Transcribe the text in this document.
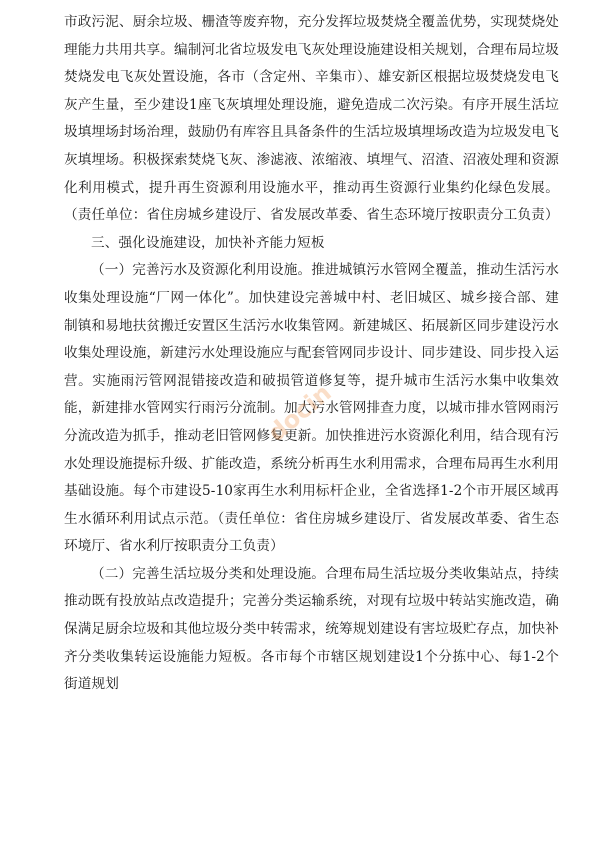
市政污泥、厨余垃圾、栅渣等废弃物，充分发挥垃圾焚烧全覆盖优势，实现焚烧处理能力共用共享。编制河北省垃圾发电飞灰处理设施建设相关规划，合理布局垃圾焚烧发电飞灰处置设施，各市（含定州、辛集市）、雄安新区根据垃圾焚烧发电飞灰产生量，至少建设1座飞灰填埋处理设施，避免造成二次污染。有序开展生活垃圾填埋场封场治理，鼓励仍有库容且具备条件的生活垃圾填埋场改造为垃圾发电飞灰填埋场。积极探索焚烧飞灰、渗滤液、浓缩液、填埋气、沼渣、沼液处理和资源化利用模式，提升再生资源利用设施水平，推动再生资源行业集约化绿色发展。（责任单位：省住房城乡建设厅、省发展改革委、省生态环境厅按职责分工负责）

三、强化设施建设，加快补齐能力短板

（一）完善污水及资源化利用设施。推进城镇污水管网全覆盖，推动生活污水收集处理设施“厂网一体化”。加快建设完善城中村、老旧城区、城乡接合部、建制镇和易地扶贫搬迁安置区生活污水收集管网。新建城区、拓展新区同步建设污水收集处理设施，新建污水处理设施应与配套管网同步设计、同步建设、同步投入运营。实施雨污管网混错接改造和破损管道修复等，提升城市生活污水集中收集效能，新建排水管网实行雨污分流制。加大污水管网排查力度，以城市排水管网雨污分流改造为抓手，推动老旧管网修复更新。加快推进污水资源化利用，结合现有污水处理设施提标升级、扩能改造，系统分析再生水利用需求，合理布局再生水利用基础设施。每个市建设5-10家再生水利用标杆企业，全省选择1-2个市开展区域再生水循环利用试点示范。（责任单位：省住房城乡建设厅、省发展改革委、省生态环境厅、省水利厅按职责分工负责）

（二）完善生活垃圾分类和处理设施。合理布局生活垃圾分类收集站点，持续推动既有投放站点改造提升；完善分类运输系统，对现有垃圾中转站实施改造，确保满足厨余垃圾和其他垃圾分类中转需求，统筹规划建设有害垃圾贮存点，加快补齐分类收集转运设施能力短板。各市每个市辖区规划建设1个分拣中心、每1-2个街道规划

docin
